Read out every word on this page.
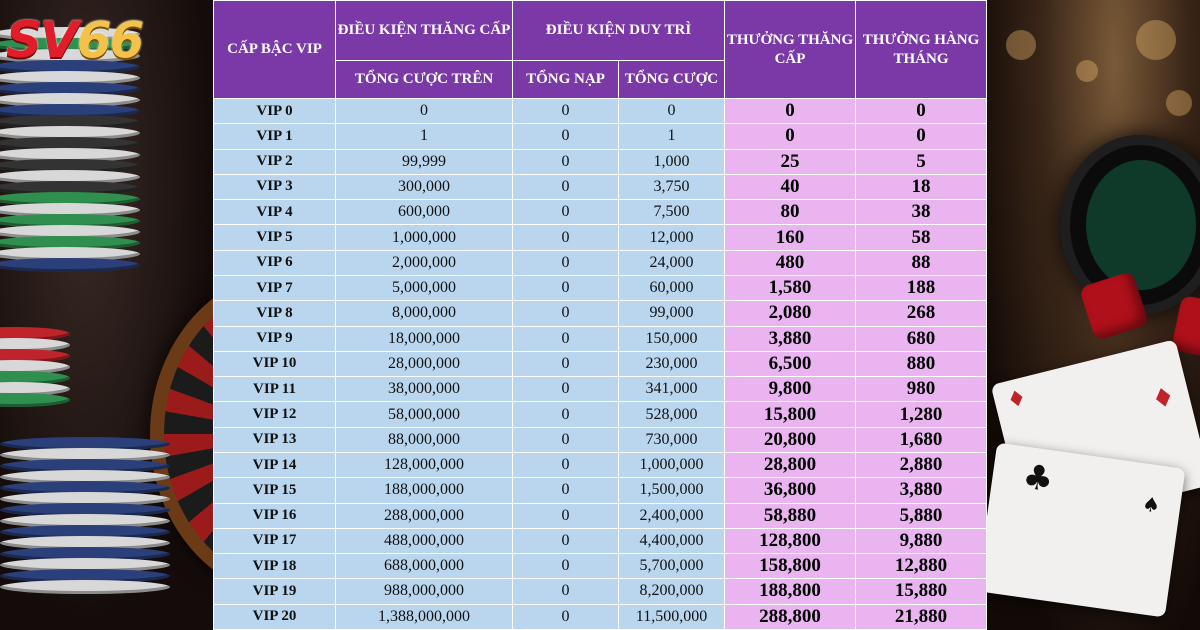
♦	♦
♣
♠
SV66	CẤP BẬC VIP	ĐIỀU KIỆN THĂNG CẤP	ĐIỀU KIỆN DUY TRÌ		THƯỞNG THĂNG CẤP	THƯỞNG HÀNG THÁNG
	TỔNG CƯỢC TRÊN	TỔNG NẠP	TỔNG CƯỢC		
VIP 0	0	0	0	0	0
VIP 1	1	0	1	0	0
VIP 2	99,999	0	1,000	25	5
VIP 3	300,000	0	3,750	40	18
VIP 4	600,000	0	7,500	80	38
VIP 5	1,000,000	0	12,000	160	58
VIP 6	2,000,000	0	24,000	480	88
VIP 7	5,000,000	0	60,000	1,580	188
VIP 8	8,000,000	0	99,000	2,080	268
VIP 9	18,000,000	0	150,000	3,880	680
VIP 10	28,000,000	0	230,000	6,500	880
VIP 11	38,000,000	0	341,000	9,800	980
VIP 12	58,000,000	0	528,000	15,800	1,280
VIP 13	88,000,000	0	730,000	20,800	1,680
VIP 14	128,000,000	0	1,000,000	28,800	2,880
VIP 15	188,000,000	0	1,500,000	36,800	3,880
VIP 16	288,000,000	0	2,400,000	58,880	5,880
VIP 17	488,000,000	0	4,400,000	128,800	9,880
VIP 18	688,000,000	0	5,700,000	158,800	12,880
VIP 19	988,000,000	0	8,200,000	188,800	15,880
VIP 20	1,388,000,000	0	11,500,000	288,800	21,880
